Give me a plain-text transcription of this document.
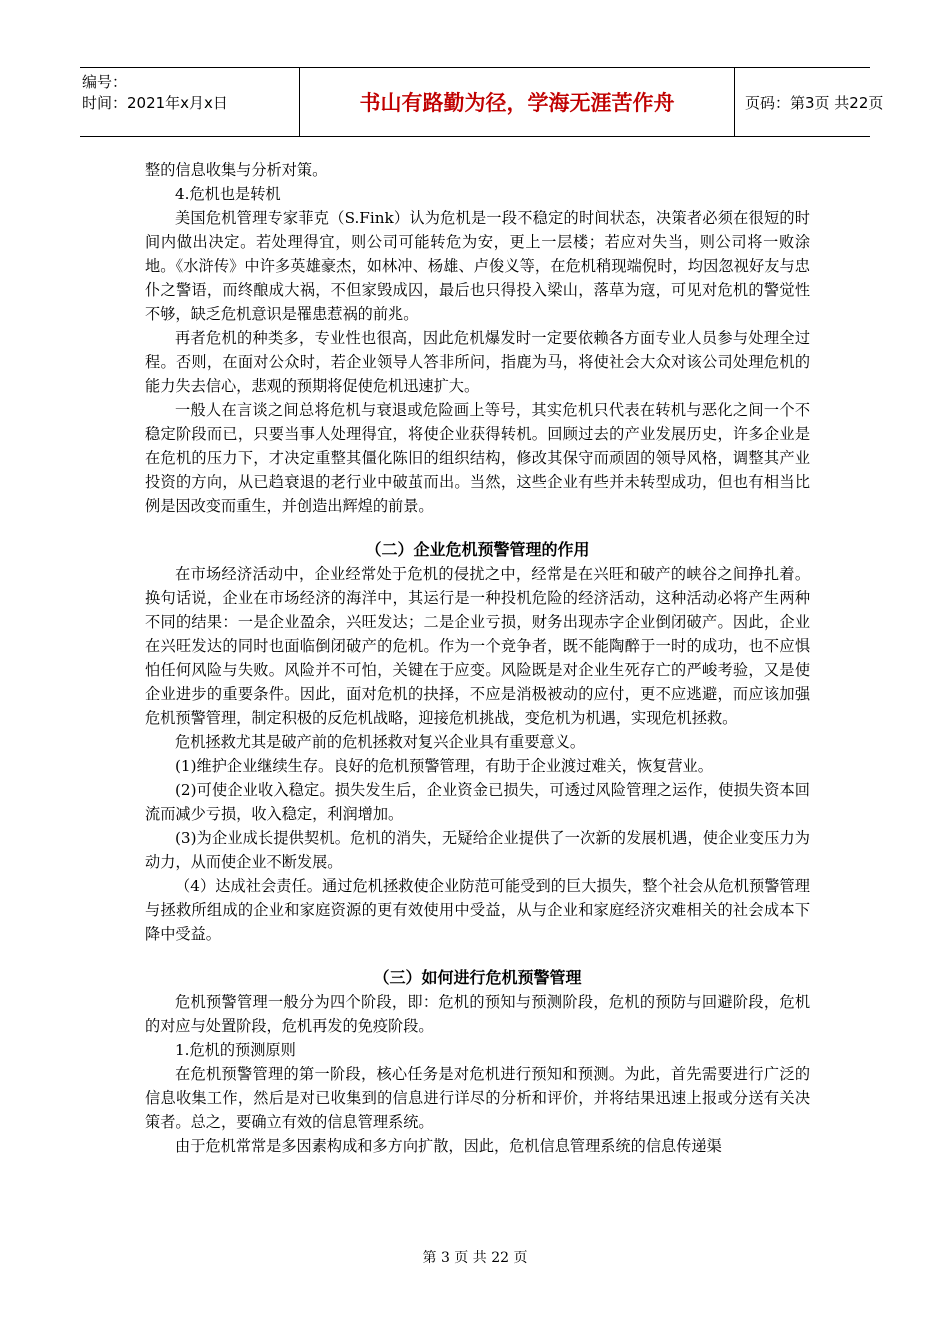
编号：
时间：2021年x月x日	书山有路勤为径，学海无涯苦作舟	页码：第3页 共22页

整的信息收集与分析对策。

4.危机也是转机

美国危机管理专家菲克（S.Fink）认为危机是一段不稳定的时间状态，决策者必须在很短的时间内做出决定。若处理得宜，则公司可能转危为安，更上一层楼；若应对失当，则公司将一败涂地。《水浒传》中许多英雄豪杰，如林冲、杨雄、卢俊义等，在危机稍现端倪时，均因忽视好友与忠仆之警语，而终酿成大祸，不但家毁成囚，最后也只得投入梁山，落草为寇，可见对危机的警觉性不够，缺乏危机意识是罹患惹祸的前兆。

再者危机的种类多，专业性也很高，因此危机爆发时一定要依赖各方面专业人员参与处理全过程。否则，在面对公众时，若企业领导人答非所问，指鹿为马，将使社会大众对该公司处理危机的能力失去信心，悲观的预期将促使危机迅速扩大。

一般人在言谈之间总将危机与衰退或危险画上等号，其实危机只代表在转机与恶化之间一个不稳定阶段而已，只要当事人处理得宜，将使企业获得转机。回顾过去的产业发展历史，许多企业是在危机的压力下，才决定重整其僵化陈旧的组织结构，修改其保守而顽固的领导风格，调整其产业投资的方向，从已趋衰退的老行业中破茧而出。当然，这些企业有些并未转型成功，但也有相当比例是因改变而重生，并创造出辉煌的前景。

（二）企业危机预警管理的作用

在市场经济活动中，企业经常处于危机的侵扰之中，经常是在兴旺和破产的峡谷之间挣扎着。换句话说，企业在市场经济的海洋中，其运行是一种投机危险的经济活动，这种活动必将产生两种不同的结果：一是企业盈余，兴旺发达；二是企业亏损，财务出现赤字企业倒闭破产。因此，企业在兴旺发达的同时也面临倒闭破产的危机。作为一个竞争者，既不能陶醉于一时的成功，也不应惧怕任何风险与失败。风险并不可怕，关键在于应变。风险既是对企业生死存亡的严峻考验，又是使企业进步的重要条件。因此，面对危机的抉择，不应是消极被动的应付，更不应逃避，而应该加强危机预警管理，制定积极的反危机战略，迎接危机挑战，变危机为机遇，实现危机拯救。

危机拯救尤其是破产前的危机拯救对复兴企业具有重要意义。

(1)维护企业继续生存。良好的危机预警管理，有助于企业渡过难关，恢复营业。

(2)可使企业收入稳定。损失发生后，企业资金已损失，可透过风险管理之运作，使损失资本回流而减少亏损，收入稳定，利润增加。

(3)为企业成长提供契机。危机的消失，无疑给企业提供了一次新的发展机遇，使企业变压力为动力，从而使企业不断发展。

（4）达成社会责任。通过危机拯救使企业防范可能受到的巨大损失，整个社会从危机预警管理与拯救所组成的企业和家庭资源的更有效使用中受益，从与企业和家庭经济灾难相关的社会成本下降中受益。

（三）如何进行危机预警管理

危机预警管理一般分为四个阶段，即：危机的预知与预测阶段，危机的预防与回避阶段，危机的对应与处置阶段，危机再发的免疫阶段。

1.危机的预测原则

在危机预警管理的第一阶段，核心任务是对危机进行预知和预测。为此，首先需要进行广泛的信息收集工作，然后是对已收集到的信息进行详尽的分析和评价，并将结果迅速上报或分送有关决策者。总之，要确立有效的信息管理系统。

由于危机常常是多因素构成和多方向扩散，因此，危机信息管理系统的信息传递渠

第 3 页 共 22 页
